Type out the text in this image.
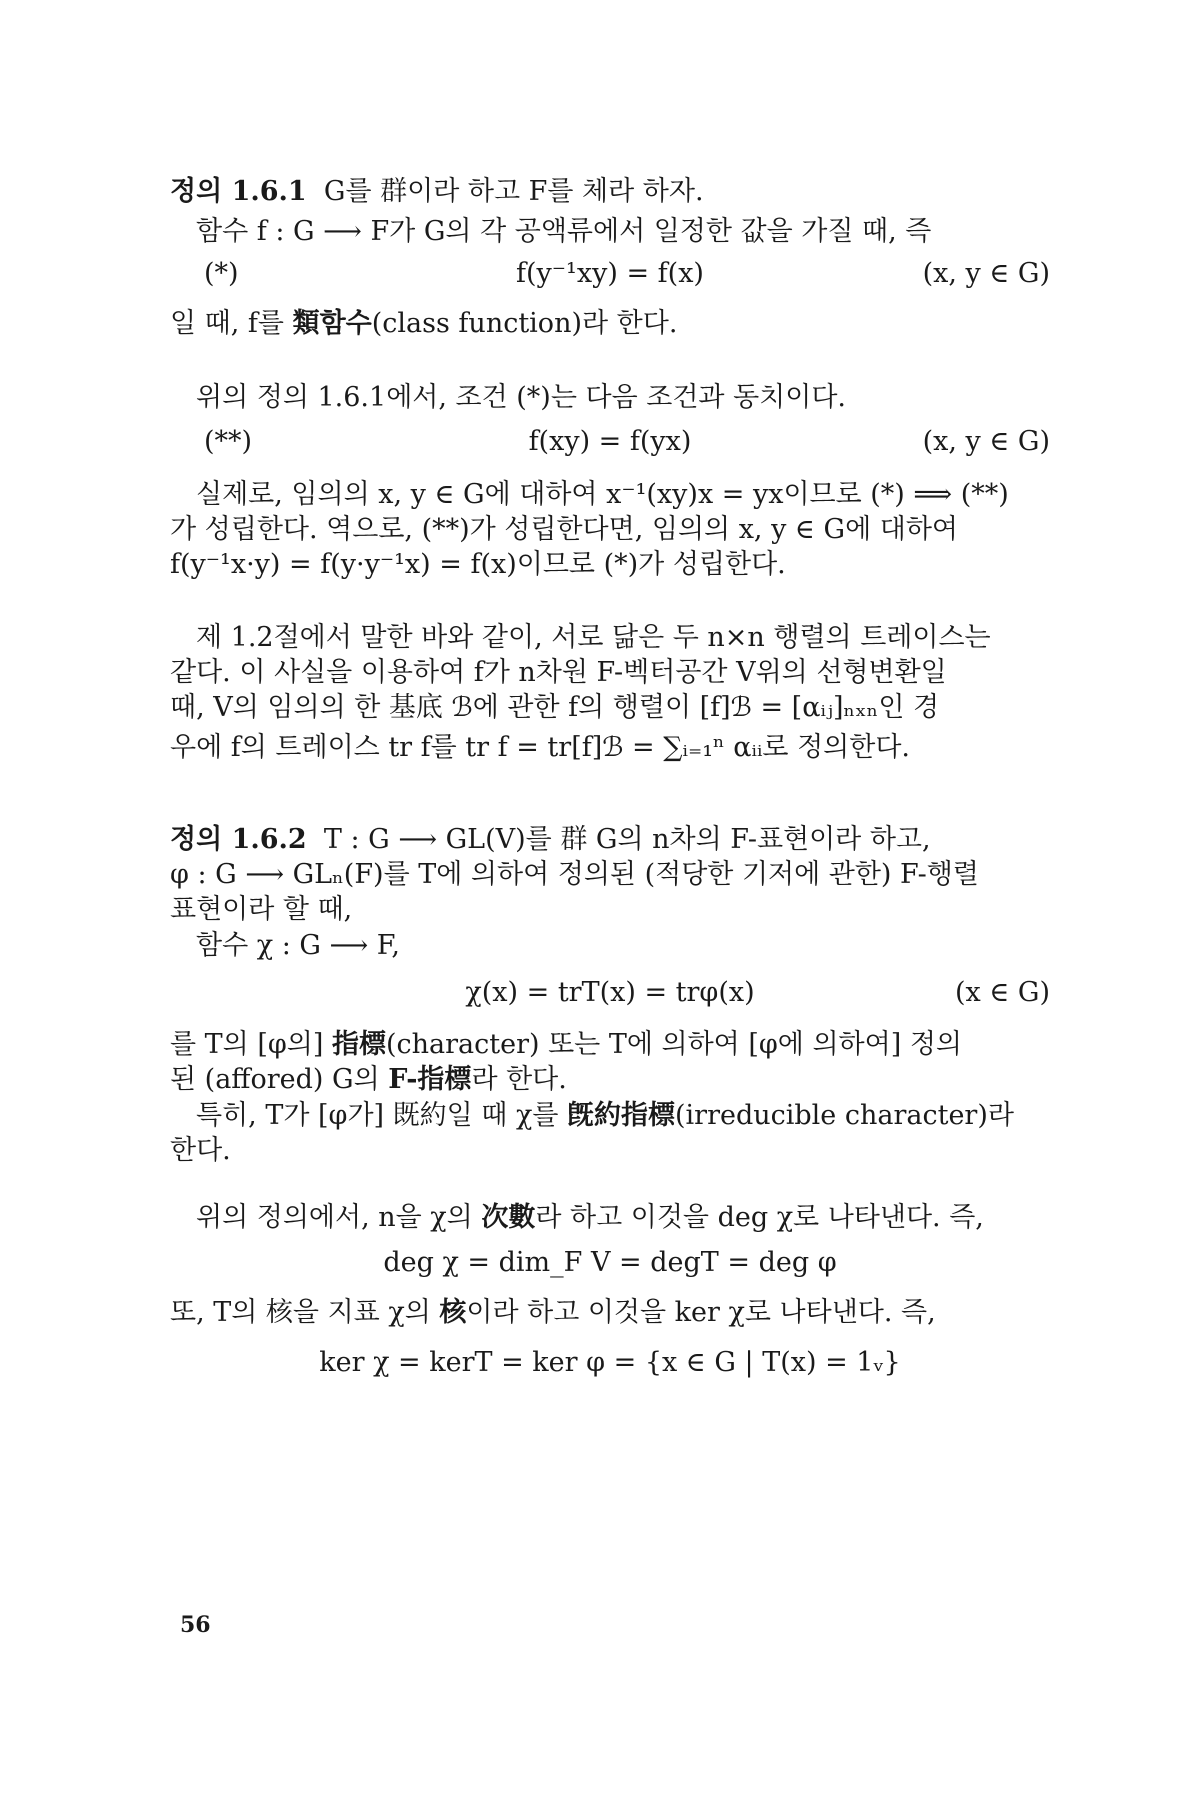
정의 1.6.1 G를 群이라 하고 F를 체라 하자.
함수 f : G ⟶ F가 G의 각 공액류에서 일정한 값을 가질 때, 즉
(*)	f(y⁻¹xy) = f(x)	(x, y ∈ G)
일 때, f를 類함수(class function)라 한다.
위의 정의 1.6.1에서, 조건 (*)는 다음 조건과 동치이다.
(**)	f(xy) = f(yx)	(x, y ∈ G)
실제로, 임의의 x, y ∈ G에 대하여 x⁻¹(xy)x = yx이므로 (*) ⟹ (**)
가 성립한다. 역으로, (**)가 성립한다면, 임의의 x, y ∈ G에 대하여
f(y⁻¹x·y) = f(y·y⁻¹x) = f(x)이므로 (*)가 성립한다.
제 1.2절에서 말한 바와 같이, 서로 닮은 두 n×n 행렬의 트레이스는
같다. 이 사실을 이용하여 f가 n차원 F-벡터공간 V위의 선형변환일
때, V의 임의의 한 基底 ℬ에 관한 f의 행렬이 [f]ℬ = [αᵢⱼ]ₙₓₙ인 경
우에 f의 트레이스 tr f를 tr f = tr[f]ℬ = ∑ᵢ₌₁ⁿ αᵢᵢ로 정의한다.
정의 1.6.2 T : G ⟶ GL(V)를 群 G의 n차의 F-표현이라 하고,
φ : G ⟶ GLₙ(F)를 T에 의하여 정의된 (적당한 기저에 관한) F-행렬
표현이라 할 때,
함수 χ : G ⟶ F,
χ(x) = trT(x) = trφ(x)	(x ∈ G)
를 T의 [φ의] 指標(character) 또는 T에 의하여 [φ에 의하여] 정의
된 (affored) G의 F-指標라 한다.
특히, T가 [φ가] 既約일 때 χ를 旣約指標(irreducible character)라
한다.
위의 정의에서, n을 χ의 次數라 하고 이것을 deg χ로 나타낸다. 즉,
deg χ = dim_F V = degT = deg φ
또, T의 核을 지표 χ의 核이라 하고 이것을 ker χ로 나타낸다. 즉,
ker χ = kerT = ker φ = {x ∈ G | T(x) = 1ᵥ}
56
